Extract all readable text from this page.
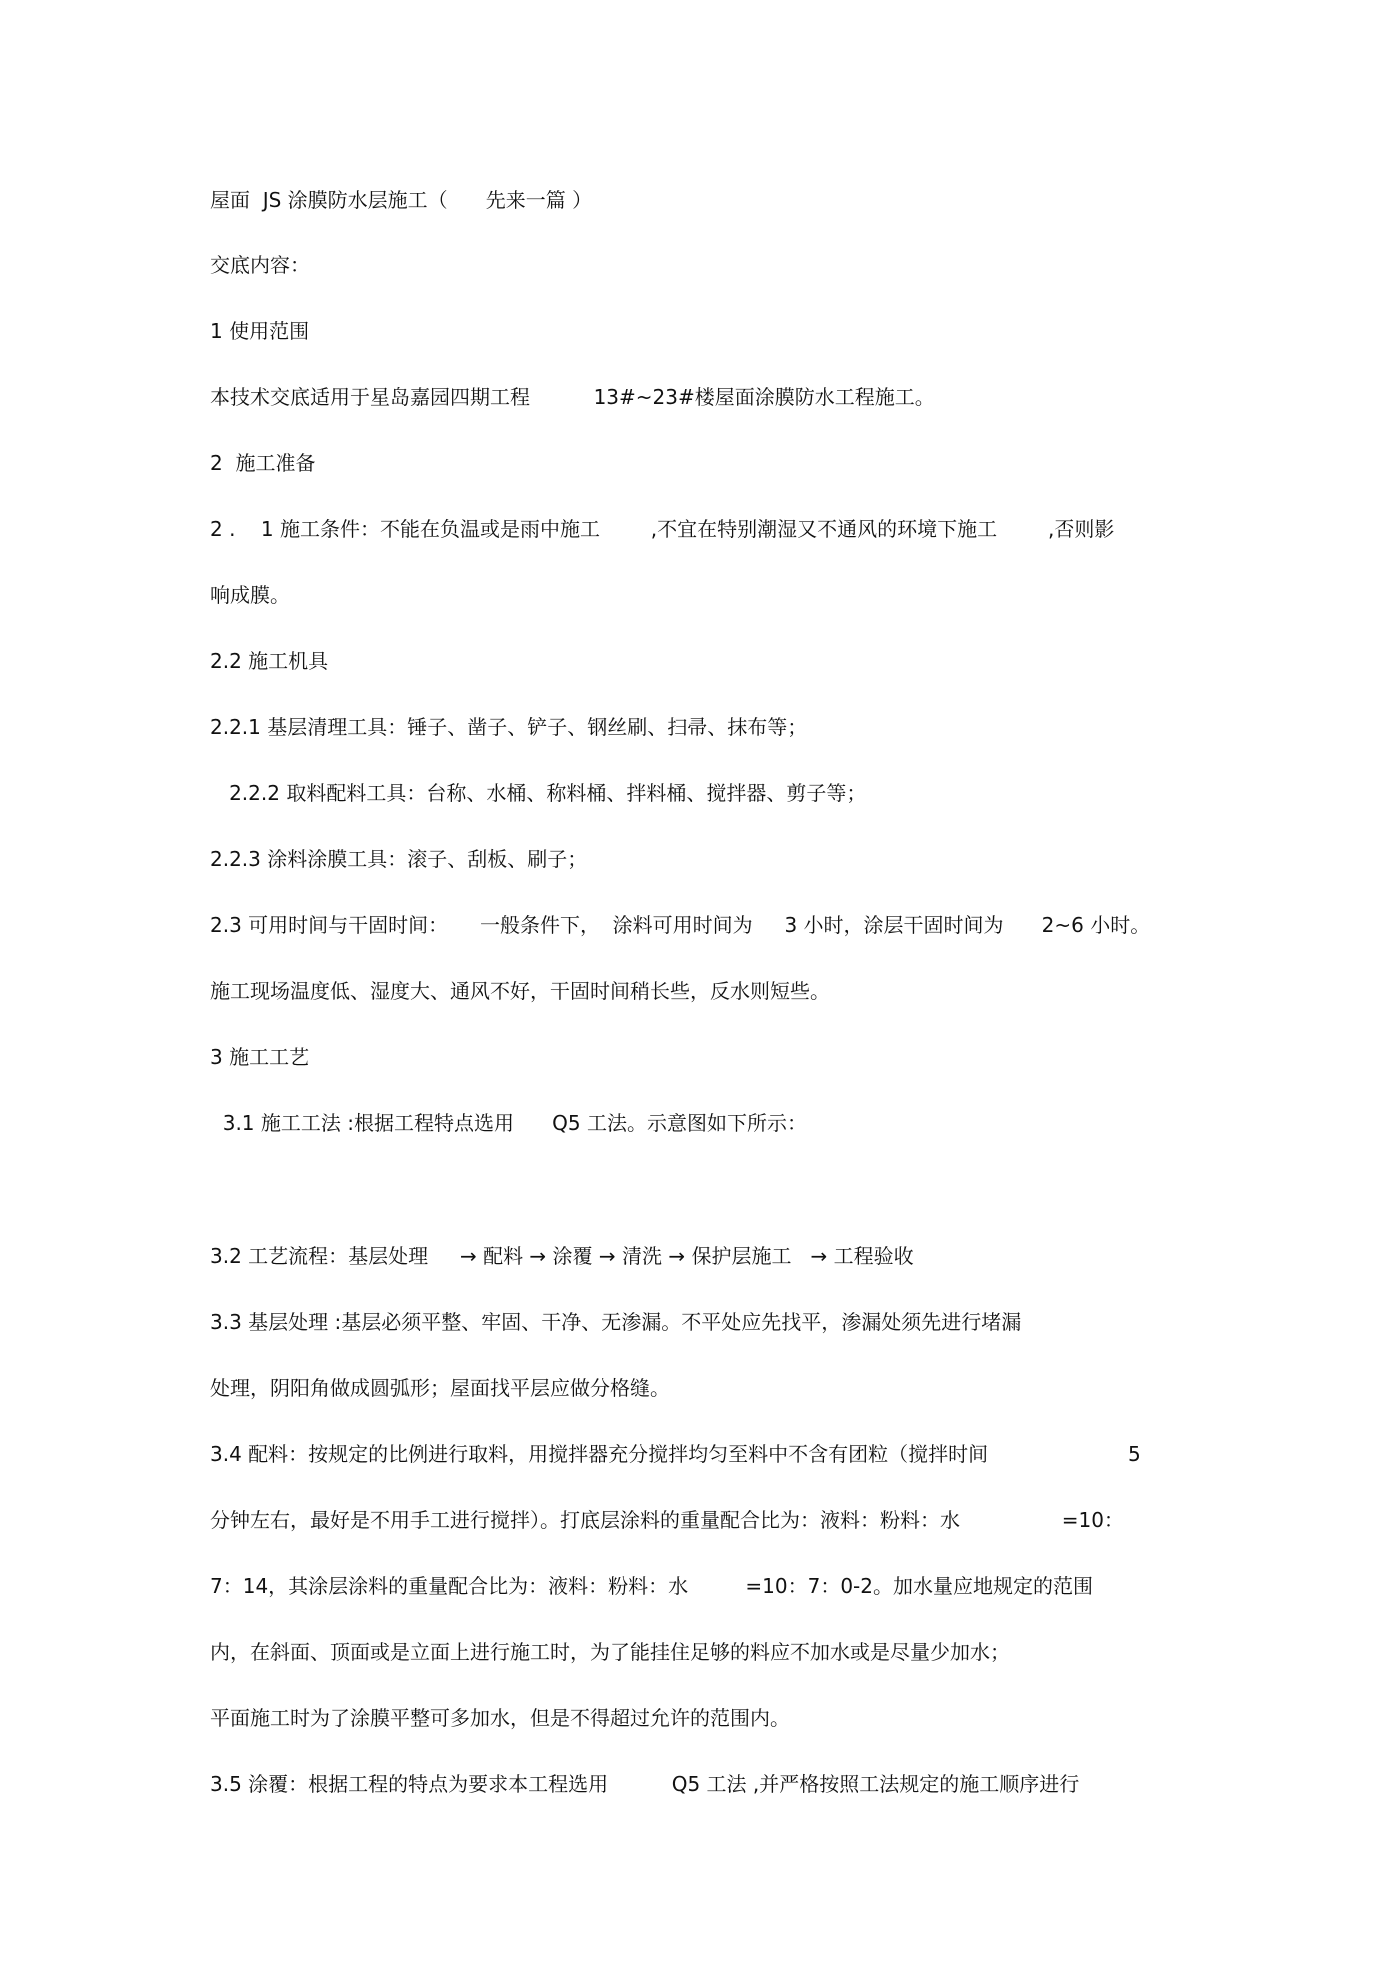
屋面  JS 涂膜防水层施工（      先来一篇 ）
交底内容：
1 使用范围
本技术交底适用于星岛嘉园四期工程          13#~23#楼屋面涂膜防水工程施工。
2  施工准备
2 .    1 施工条件：不能在负温或是雨中施工        ,不宜在特别潮湿又不通风的环境下施工        ,否则影
响成膜。
2.2 施工机具
2.2.1 基层清理工具：锤子、凿子、铲子、钢丝刷、扫帚、抹布等；
2.2.2 取料配料工具：台称、水桶、称料桶、拌料桶、搅拌器、剪子等；
2.2.3 涂料涂膜工具：滚子、刮板、刷子；
2.3 可用时间与干固时间：     一般条件下，  涂料可用时间为     3 小时，涂层干固时间为      2~6 小时。
施工现场温度低、湿度大、通风不好，干固时间稍长些，反水则短些。
3 施工工艺
3.1 施工工法 :根据工程特点选用      Q5 工法。示意图如下所示：
3.2 工艺流程：基层处理     → 配料 → 涂覆 → 清洗 → 保护层施工   → 工程验收
3.3 基层处理 :基层必须平整、牢固、干净、无渗漏。不平处应先找平，渗漏处须先进行堵漏
处理，阴阳角做成圆弧形；屋面找平层应做分格缝。
3.4 配料：按规定的比例进行取料，用搅拌器充分搅拌均匀至料中不含有团粒（搅拌时间                      5
分钟左右，最好是不用手工进行搅拌）。打底层涂料的重量配合比为：液料：粉料：水                =10：
7：14，其涂层涂料的重量配合比为：液料：粉料：水         =10：7：0-2。加水量应地规定的范围
内，在斜面、顶面或是立面上进行施工时，为了能挂住足够的料应不加水或是尽量少加水；
平面施工时为了涂膜平整可多加水，但是不得超过允许的范围内。
3.5 涂覆：根据工程的特点为要求本工程选用          Q5 工法 ,并严格按照工法规定的施工顺序进行
